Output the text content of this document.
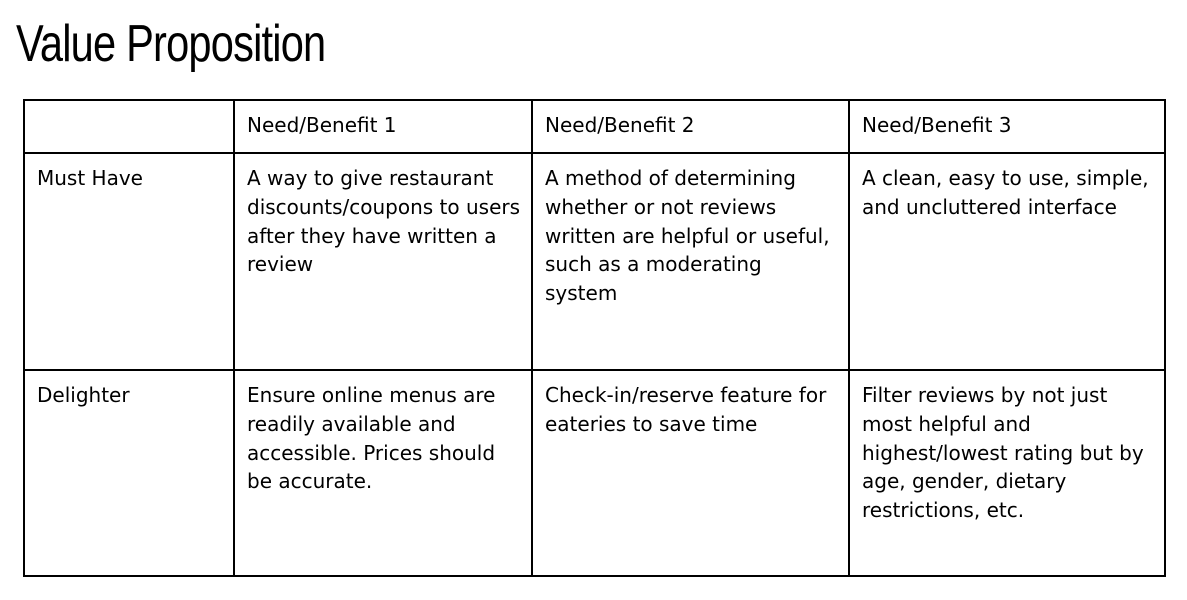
Value Proposition
	Need/Benefit 1	Need/Benefit 2	Need/Benefit 3
Must Have	A way to give restaurant discounts/coupons to users after they have written a review	A method of determining whether or not reviews written are helpful or useful, such as a moderating system	A clean, easy to use, simple, and uncluttered interface
Delighter	Ensure online menus are readily available and accessible. Prices should be accurate.	Check-in/reserve feature for eateries to save time	Filter reviews by not just most helpful and highest/lowest rating but by age, gender, dietary restrictions, etc.
